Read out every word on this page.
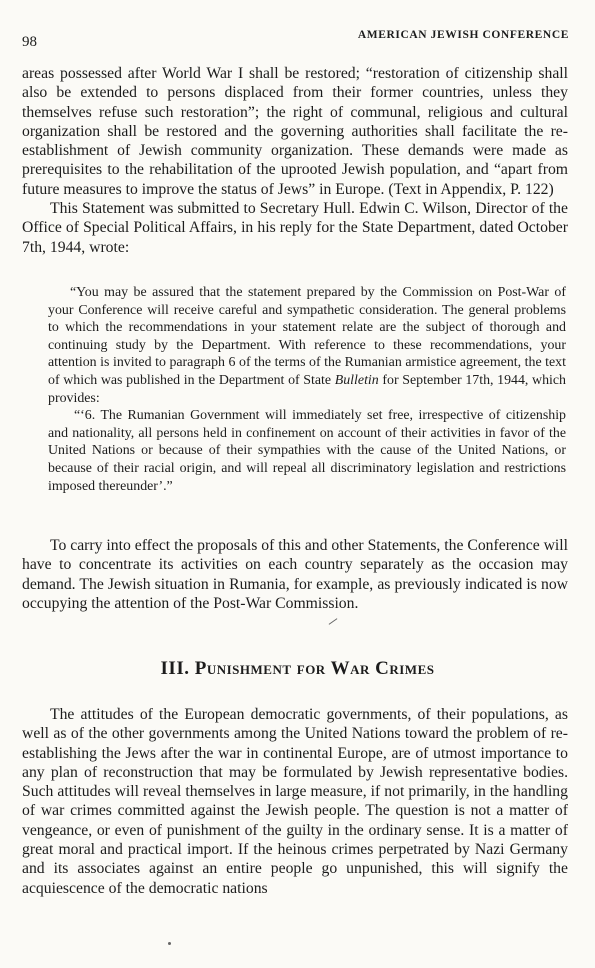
98	AMERICAN JEWISH CONFERENCE

areas possessed after World War I shall be restored; “restoration of citizenship shall also be extended to persons displaced from their former countries, unless they themselves refuse such restoration”; the right of communal, religious and cultural organization shall be restored and the governing authorities shall facilitate the re-establishment of Jewish community organization. These demands were made as prerequisites to the rehabilitation of the uprooted Jewish population, and “apart from future measures to improve the status of Jews” in Europe. (Text in Appendix, P. 122)

This Statement was submitted to Secretary Hull. Edwin C. Wilson, Director of the Office of Special Political Affairs, in his reply for the State Department, dated October 7th, 1944, wrote:

“You may be assured that the statement prepared by the Commission on Post-War of your Conference will receive careful and sympathetic consideration. The general problems to which the recommendations in your statement relate are the subject of thorough and continuing study by the Department. With reference to these recommendations, your attention is invited to paragraph 6 of the terms of the Rumanian armistice agreement, the text of which was published in the Department of State Bulletin for September 17th, 1944, which provides:

“‘6. The Rumanian Government will immediately set free, irrespective of citizenship and nationality, all persons held in confinement on account of their activities in favor of the United Nations or because of their sympathies with the cause of the United Nations, or because of their racial origin, and will repeal all discriminatory legislation and restrictions imposed thereunder’.”

To carry into effect the proposals of this and other Statements, the Conference will have to concentrate its activities on each country separately as the occasion may demand. The Jewish situation in Rumania, for example, as previously indicated is now occupying the attention of the Post-War Commission.

III. Punishment for War Crimes

The attitudes of the European democratic governments, of their populations, as well as of the other governments among the United Nations toward the problem of re-establishing the Jews after the war in continental Europe, are of utmost importance to any plan of reconstruction that may be formulated by Jewish representative bodies. Such attitudes will reveal themselves in large measure, if not primarily, in the handling of war crimes committed against the Jewish people. The question is not a matter of vengeance, or even of punishment of the guilty in the ordinary sense. It is a matter of great moral and practical import. If the heinous crimes perpetrated by Nazi Germany and its associates against an entire people go unpunished, this will signify the acquiescence of the democratic nations
